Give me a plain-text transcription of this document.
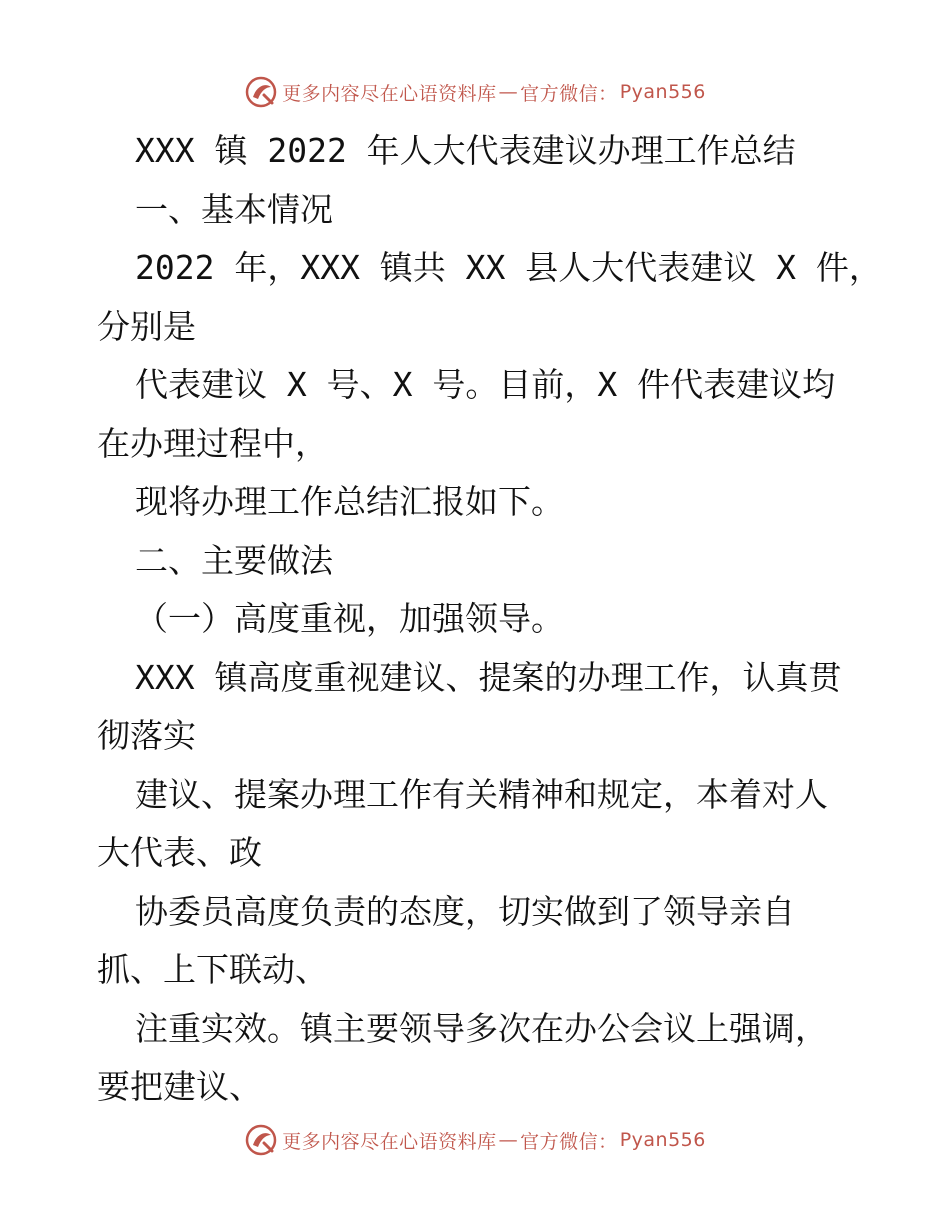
更多内容尽在心语资料库 — 官方微信： Pyan556
XXX 镇 2022 年人大代表建议办理工作总结
一、基本情况
2022 年，XXX 镇共 XX 县人大代表建议 X 件，
分别是
代表建议 X 号、X 号。目前，X 件代表建议均
在办理过程中，
现将办理工作总结汇报如下。
二、主要做法
（一）高度重视，加强领导。
XXX 镇高度重视建议、提案的办理工作，认真贯
彻落实
建议、提案办理工作有关精神和规定，本着对人
大代表、政
协委员高度负责的态度，切实做到了领导亲自
抓、上下联动、
注重实效。镇主要领导多次在办公会议上强调，
要把建议、
更多内容尽在心语资料库 — 官方微信： Pyan556
